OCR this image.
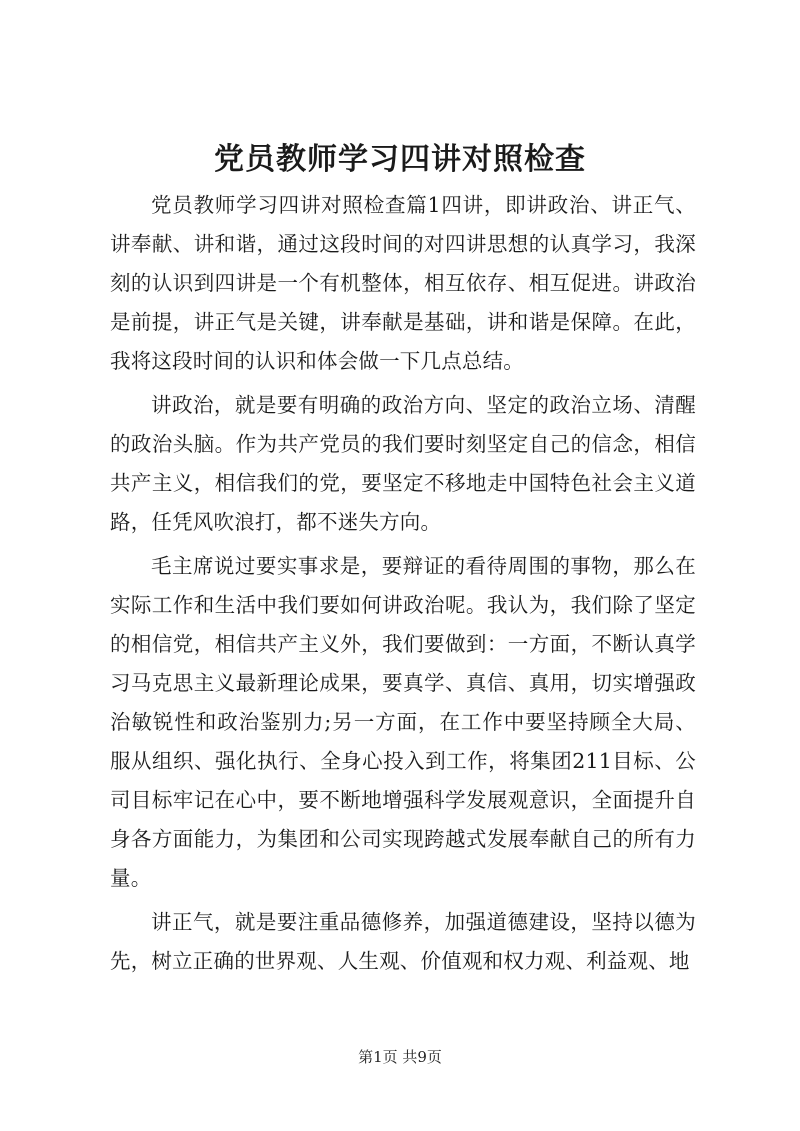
党员教师学习四讲对照检查

党员教师学习四讲对照检查篇1四讲，即讲政治、讲正气、讲奉献、讲和谐，通过这段时间的对四讲思想的认真学习，我深刻的认识到四讲是一个有机整体，相互依存、相互促进。讲政治是前提，讲正气是关键，讲奉献是基础，讲和谐是保障。在此，我将这段时间的认识和体会做一下几点总结。

讲政治，就是要有明确的政治方向、坚定的政治立场、清醒的政治头脑。作为共产党员的我们要时刻坚定自己的信念，相信共产主义，相信我们的党，要坚定不移地走中国特色社会主义道路，任凭风吹浪打，都不迷失方向。

毛主席说过要实事求是，要辩证的看待周围的事物，那么在实际工作和生活中我们要如何讲政治呢。我认为，我们除了坚定的相信党，相信共产主义外，我们要做到：一方面，不断认真学习马克思主义最新理论成果，要真学、真信、真用，切实增强政治敏锐性和政治鉴别力;另一方面，在工作中要坚持顾全大局、服从组织、强化执行、全身心投入到工作，将集团211目标、公司目标牢记在心中，要不断地增强科学发展观意识，全面提升自身各方面能力，为集团和公司实现跨越式发展奉献自己的所有力量。

讲正气，就是要注重品德修养，加强道德建设，坚持以德为先，树立正确的世界观、人生观、价值观和权力观、利益观、地

第1页 共9页
